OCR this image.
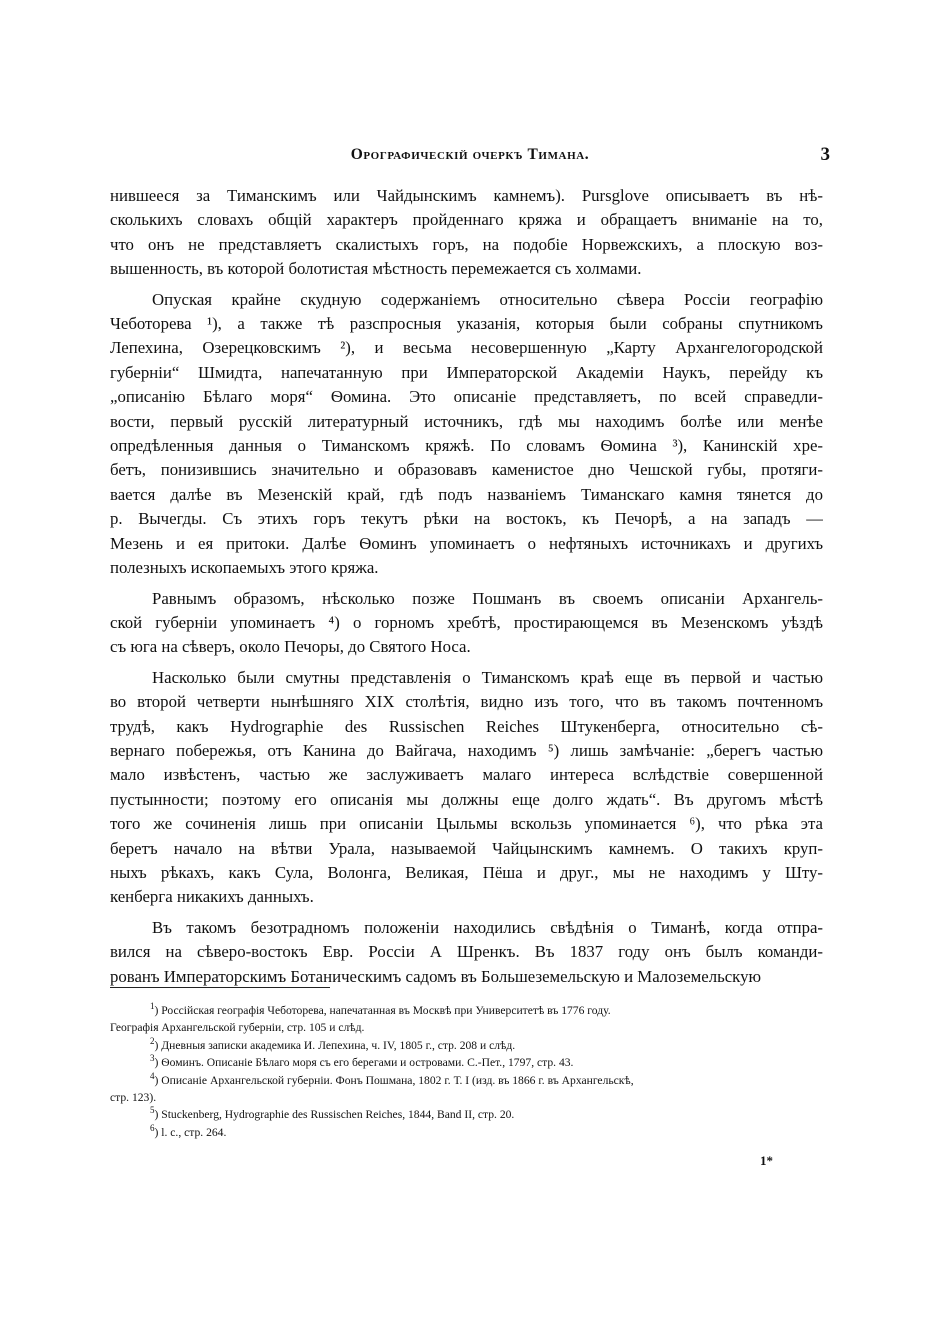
Орографическій очеркъ Тимана.	3

нившееся за Тиманскимъ или Чайдынскимъ камнемъ). Pursglove описываетъ въ нѣ-
сколькихъ словахъ общій характеръ пройденнаго кряжа и обращаетъ вниманіе на то,
что онъ не представляетъ скалистыхъ горъ, на подобіе Норвежскихъ, а плоскую воз-
вышенность, въ которой болотистая мѣстность перемежается съ холмами.

Опуская крайне скудную содержаніемъ относительно сѣвера Россіи географію
Чеботорева ¹), а также тѣ разспросныя указанія, которыя были собраны спутникомъ
Лепехина, Озерецковскимъ ²), и весьма несовершенную „Карту Архангелогородской
губерніи“ Шмидта, напечатанную при Императорской Академіи Наукъ, перейду къ
„описанію Бѣлаго моря“ Ѳомина. Это описаніе представляетъ, по всей справедли-
вости, первый русскій литературный источникъ, гдѣ мы находимъ болѣе или менѣе
опредѣленныя данныя о Тиманскомъ кряжѣ. По словамъ Ѳомина ³), Канинскій хре-
бетъ, понизившись значительно и образовавъ каменистое дно Чешской губы, протяги-
вается далѣе въ Мезенскій край, гдѣ подъ названіемъ Тиманскаго камня тянется до
р. Вычегды. Съ этихъ горъ текутъ рѣки на востокъ, къ Печорѣ, а на западъ —
Мезень и ея притоки. Далѣе Ѳоминъ упоминаетъ о нефтяныхъ источникахъ и другихъ
полезныхъ ископаемыхъ этого кряжа.

Равнымъ образомъ, нѣсколько позже Пошманъ въ своемъ описаніи Архангель-
ской губерніи упоминаетъ ⁴) о горномъ хребтѣ, простирающемся въ Мезенскомъ уѣздѣ
съ юга на сѣверъ, около Печоры, до Святого Носа.

Насколько были смутны представленія о Тиманскомъ краѣ еще въ первой и частью
во второй четверти нынѣшняго XIX столѣтія, видно изъ того, что въ такомъ почтенномъ
трудѣ, какъ Hydrographie des Russischen Reiches Штукенберга, относительно сѣ-
вернаго побережья, отъ Канина до Вайгача, находимъ ⁵) лишь замѣчаніе: „берегъ частью
мало извѣстенъ, частью же заслуживаетъ малаго интереса вслѣдствіе совершенной
пустынности; поэтому его описанія мы должны еще долго ждать“. Въ другомъ мѣстѣ
того же сочиненія лишь при описаніи Цыльмы вскользь упоминается ⁶), что рѣка эта
беретъ начало на вѣтви Урала, называемой Чайцынскимъ камнемъ. О такихъ круп-
ныхъ рѣкахъ, какъ Сула, Волонга, Великая, Пёша и друг., мы не находимъ у Шту-
кенберга никакихъ данныхъ.

Въ такомъ безотрадномъ положеніи находились свѣдѣнія о Тиманѣ, когда отпра-
вился на сѣверо-востокъ Евр. Россіи А Шренкъ. Въ 1837 году онъ былъ команди-
рованъ Императорскимъ Ботаническимъ садомъ въ Большеземельскую и Малоземельскую

$^1$) Россійская географія Чеботорева, напечатанная въ Москвѣ при Университетѣ въ 1776 году.
Географія Архангельской губерніи, стр. 105 и слѣд.
$^2$) Дневныя записки академика И. Лепехина, ч. IV, 1805 г., стр. 208 и слѣд.
$^3$) Ѳоминъ. Описаніе Бѣлаго моря съ его берегами и островами. С.-Пет., 1797, стр. 43.
$^4$) Описаніе Архангельской губерніи. Фонъ Пошмана, 1802 г. Т. I (изд. въ 1866 г. въ Архангельскѣ,
стр. 123).
$^5$) Stuckenberg, Hydrographie des Russischen Reiches, 1844, Band II, стр. 20.
$^6$) l. c., стр. 264.
1*
